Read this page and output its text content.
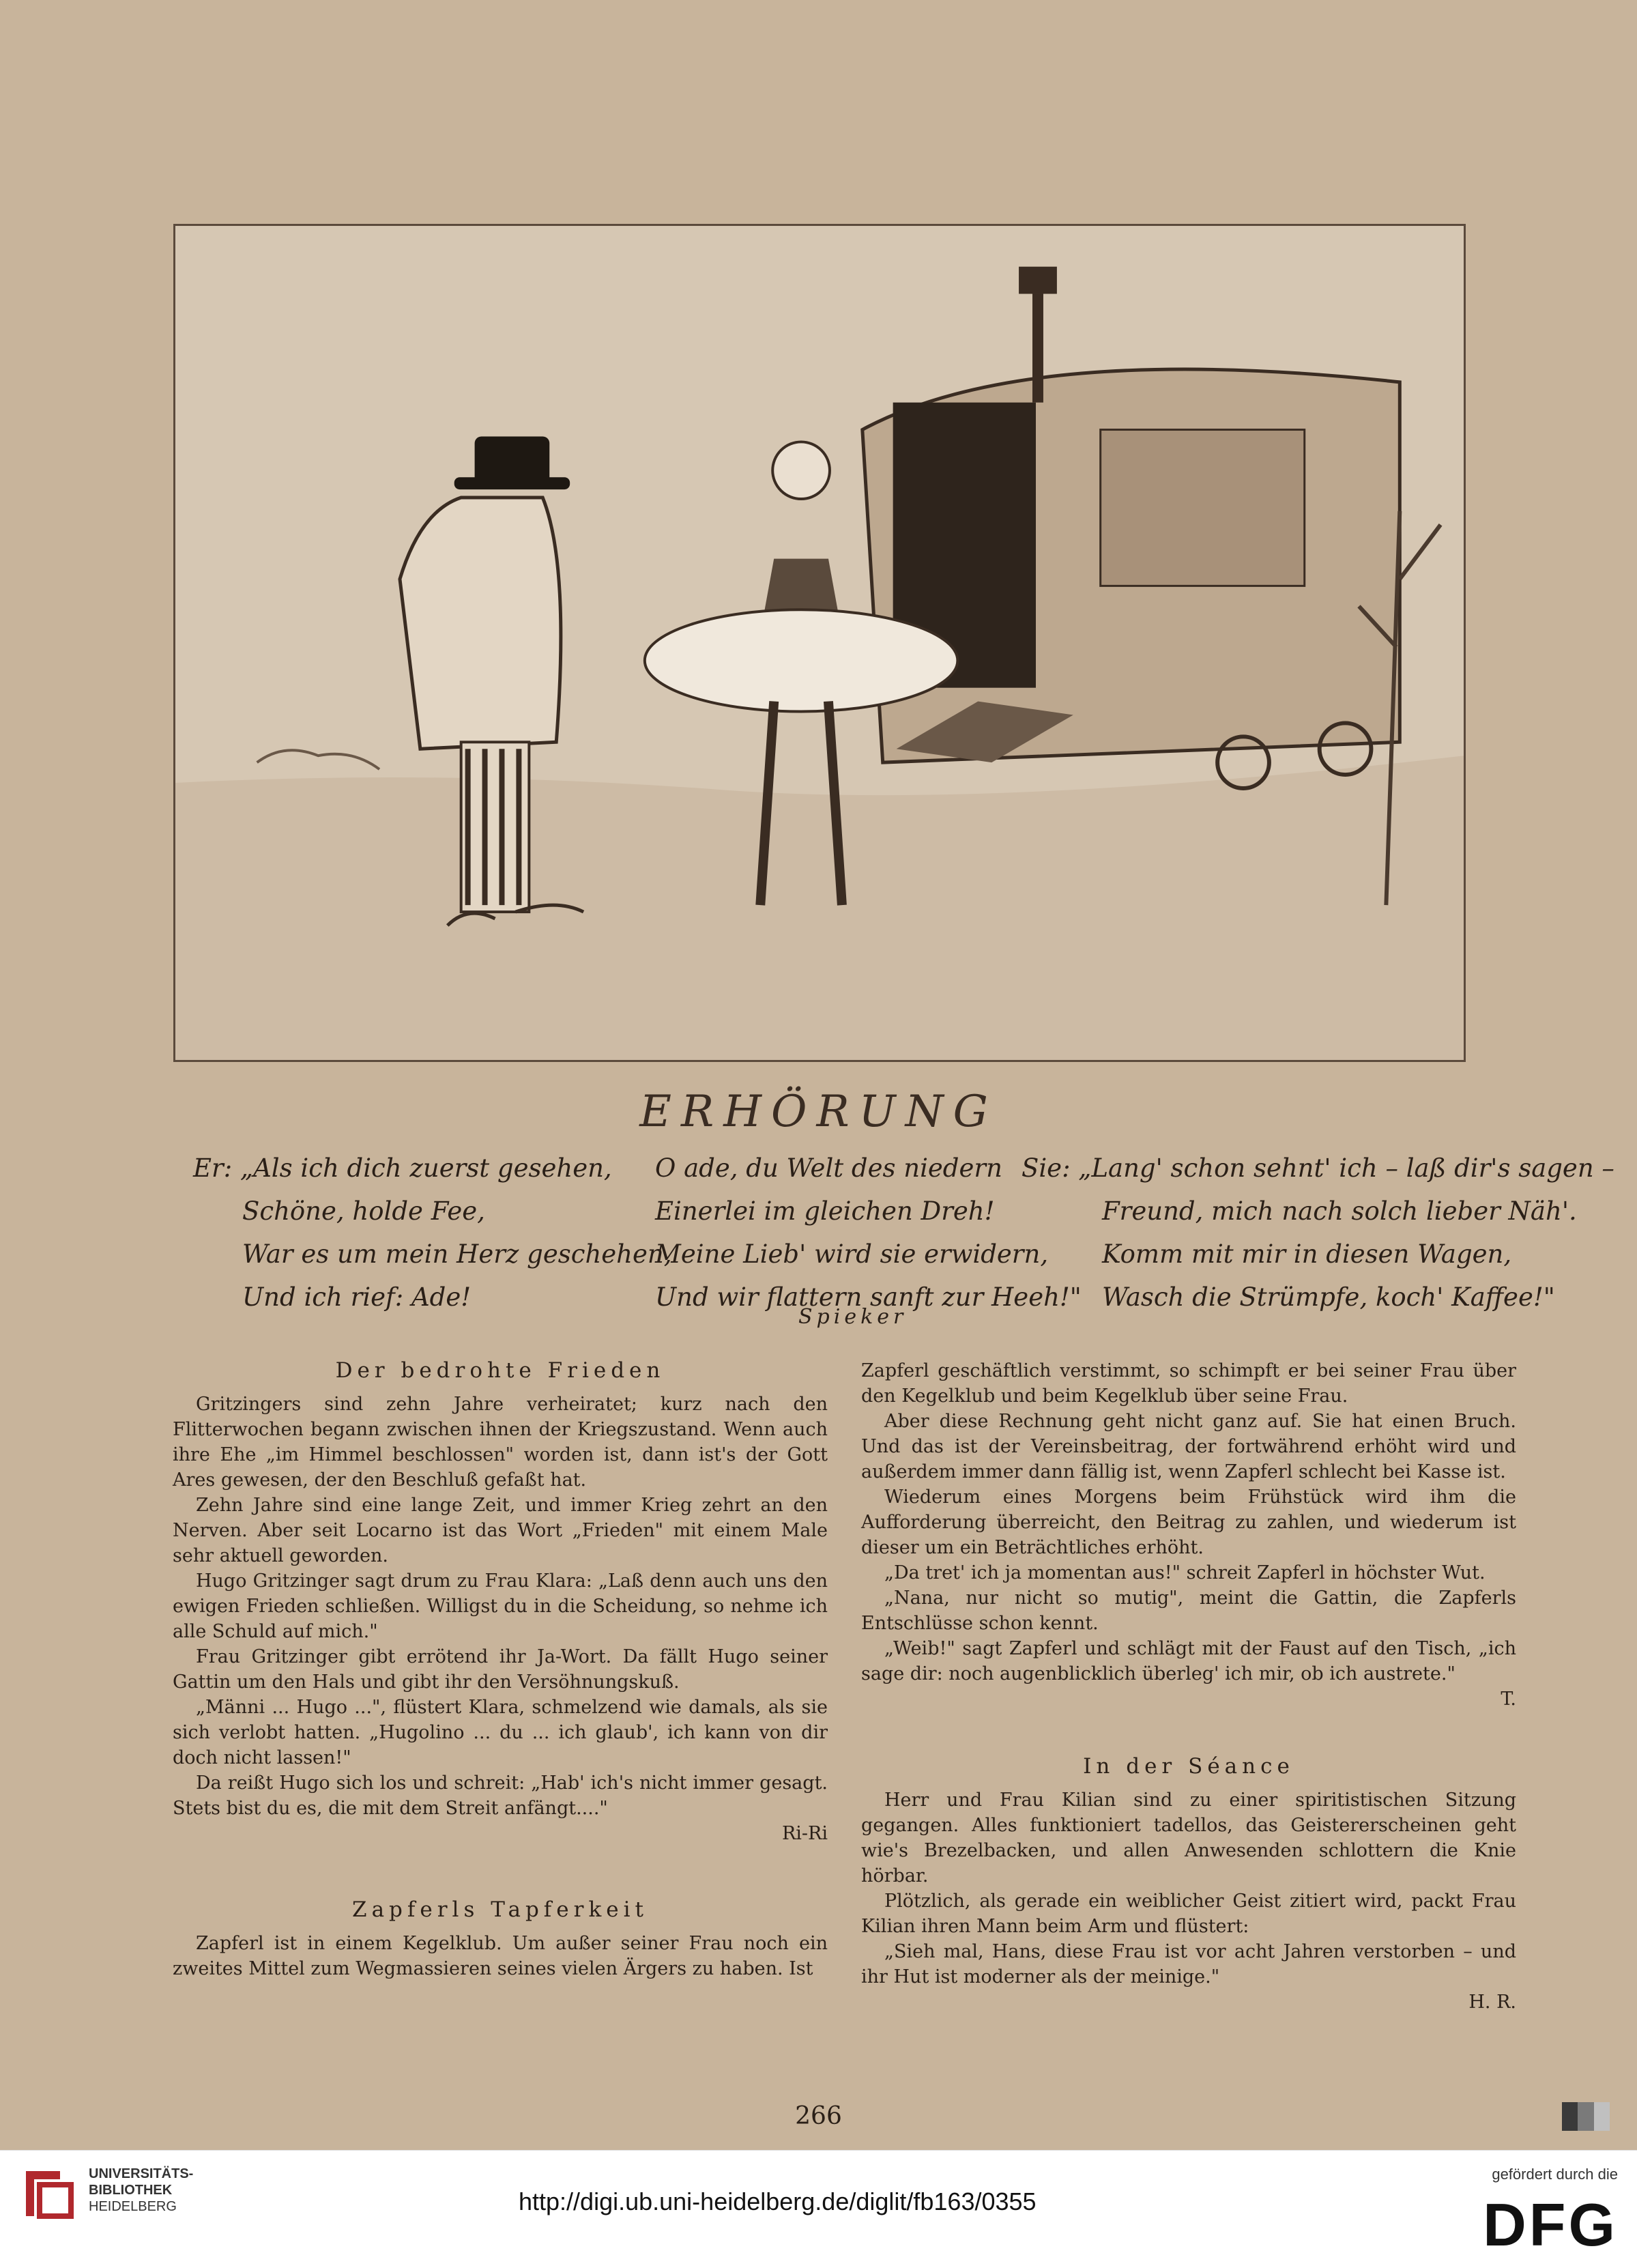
ERHÖRUNG
Er: „Als ich dich zuerst gesehen,
Schöne, holde Fee,
War es um mein Herz geschehen,
Und ich rief: Ade!
O ade, du Welt des niedern
Einerlei im gleichen Dreh!
Meine Lieb' wird sie erwidern,
Und wir flattern sanft zur Heeh!"
Sie: „Lang' schon sehnt' ich – laß dir's sagen –
Freund, mich nach solch lieber Näh'.
Komm mit mir in diesen Wagen,
Wasch die Strümpfe, koch' Kaffee!"
Spieker
Der bedrohte Frieden

Gritzingers sind zehn Jahre verheiratet; kurz nach den Flitterwochen begann zwischen ihnen der Kriegszustand. Wenn auch ihre Ehe „im Himmel beschlossen" worden ist, dann ist's der Gott Ares gewesen, der den Beschluß gefaßt hat.

Zehn Jahre sind eine lange Zeit, und immer Krieg zehrt an den Nerven. Aber seit Locarno ist das Wort „Frieden" mit einem Male sehr aktuell geworden.

Hugo Gritzinger sagt drum zu Frau Klara: „Laß denn auch uns den ewigen Frieden schließen. Willigst du in die Scheidung, so nehme ich alle Schuld auf mich."

Frau Gritzinger gibt errötend ihr Ja-Wort. Da fällt Hugo seiner Gattin um den Hals und gibt ihr den Versöhnungskuß.

„Männi ... Hugo ...", flüstert Klara, schmelzend wie damals, als sie sich verlobt hatten. „Hugolino ... du ... ich glaub', ich kann von dir doch nicht lassen!"

Da reißt Hugo sich los und schreit: „Hab' ich's nicht immer gesagt. Stets bist du es, die mit dem Streit anfängt...."

Ri-Ri
Zapferls Tapferkeit

Zapferl ist in einem Kegelklub. Um außer seiner Frau noch ein zweites Mittel zum Wegmassieren seines vielen Ärgers zu haben. Ist

Zapferl geschäftlich verstimmt, so schimpft er bei seiner Frau über den Kegelklub und beim Kegelklub über seine Frau.

Aber diese Rechnung geht nicht ganz auf. Sie hat einen Bruch. Und das ist der Vereinsbeitrag, der fortwährend erhöht wird und außerdem immer dann fällig ist, wenn Zapferl schlecht bei Kasse ist.

Wiederum eines Morgens beim Frühstück wird ihm die Aufforderung überreicht, den Beitrag zu zahlen, und wiederum ist dieser um ein Beträchtliches erhöht.

„Da tret' ich ja momentan aus!" schreit Zapferl in höchster Wut.

„Nana, nur nicht so mutig", meint die Gattin, die Zapferls Entschlüsse schon kennt.

„Weib!" sagt Zapferl und schlägt mit der Faust auf den Tisch, „ich sage dir: noch augenblicklich überleg' ich mir, ob ich austrete."

T.
In der Séance

Herr und Frau Kilian sind zu einer spiritistischen Sitzung gegangen. Alles funktioniert tadellos, das Geistererscheinen geht wie's Brezelbacken, und allen Anwesenden schlottern die Knie hörbar.

Plötzlich, als gerade ein weiblicher Geist zitiert wird, packt Frau Kilian ihren Mann beim Arm und flüstert:

„Sieh mal, Hans, diese Frau ist vor acht Jahren verstorben – und ihr Hut ist moderner als der meinige."

H. R.
266
UNIVERSITÄTS-
BIBLIOTHEK
HEIDELBERG	http://digi.ub.uni-heidelberg.de/diglit/fb163/0355
gefördert durch die
DFG
